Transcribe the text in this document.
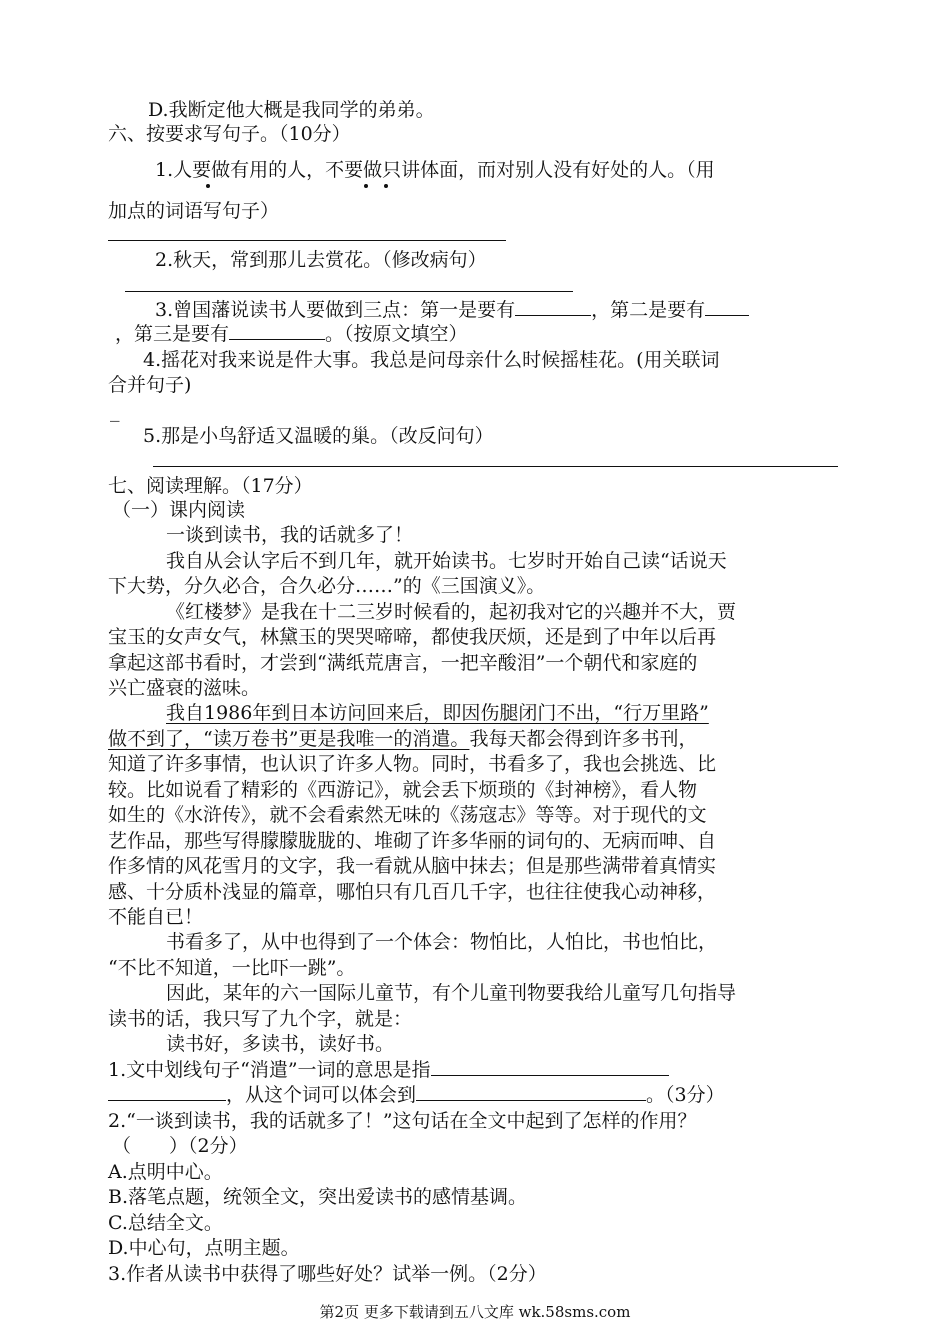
D.我断定他大概是我同学的弟弟。
六、按要求写句子。（10分）
1.人要做有用的人，不要做只讲体面，而对别人没有好处的人。（用
加点的词语写句子）
2.秋天，常到那儿去赏花。（修改病句）
3.曾国藩说读书人要做到三点：第一是要有	，第二是要有
，第三是要有	。（按原文填空）
4.摇花对我来说是件大事。我总是问母亲什么时候摇桂花。(用关联词
合并句子)
_
5.那是小鸟舒适又温暖的巢。（改反问句）
七、阅读理解。（17分）
（一）课内阅读
一谈到读书，我的话就多了！
我自从会认字后不到几年，就开始读书。七岁时开始自己读“话说天
下大势，分久必合，合久必分……”的《三国演义》。
《红楼梦》是我在十二三岁时候看的，起初我对它的兴趣并不大，贾
宝玉的女声女气，林黛玉的哭哭啼啼，都使我厌烦，还是到了中年以后再
拿起这部书看时，才尝到“满纸荒唐言，一把辛酸泪”一个朝代和家庭的
兴亡盛衰的滋味。
我自1986年到日本访问回来后，即因伤腿闭门不出，“行万里路”
做不到了，“读万卷书”更是我唯一的消遣。我每天都会得到许多书刊，
知道了许多事情，也认识了许多人物。同时，书看多了，我也会挑选、比
较。比如说看了精彩的《西游记》，就会丢下烦琐的《封神榜》，看人物
如生的《水浒传》，就不会看索然无味的《荡寇志》等等。对于现代的文
艺作品，那些写得朦朦胧胧的、堆砌了许多华丽的词句的、无病而呻、自
作多情的风花雪月的文字，我一看就从脑中抹去；但是那些满带着真情实
感、十分质朴浅显的篇章，哪怕只有几百几千字，也往往使我心动神移，
不能自已！
书看多了，从中也得到了一个体会：物怕比，人怕比，书也怕比，
“不比不知道，一比吓一跳”。
因此，某年的六一国际儿童节，有个儿童刊物要我给儿童写几句指导
读书的话，我只写了九个字，就是：
读书好，多读书，读好书。
1.文中划线句子“消遣”一词的意思是指
，从这个词可以体会到	。（3分）
2.“一谈到读书，我的话就多了！”这句话在全文中起到了怎样的作用？
（　　）（2分）
A.点明中心。
B.落笔点题，统领全文，突出爱读书的感情基调。
C.总结全文。
D.中心句，点明主题。
3.作者从读书中获得了哪些好处？试举一例。（2分）
第2页 更多下载请到五八文库 wk.58sms.com
